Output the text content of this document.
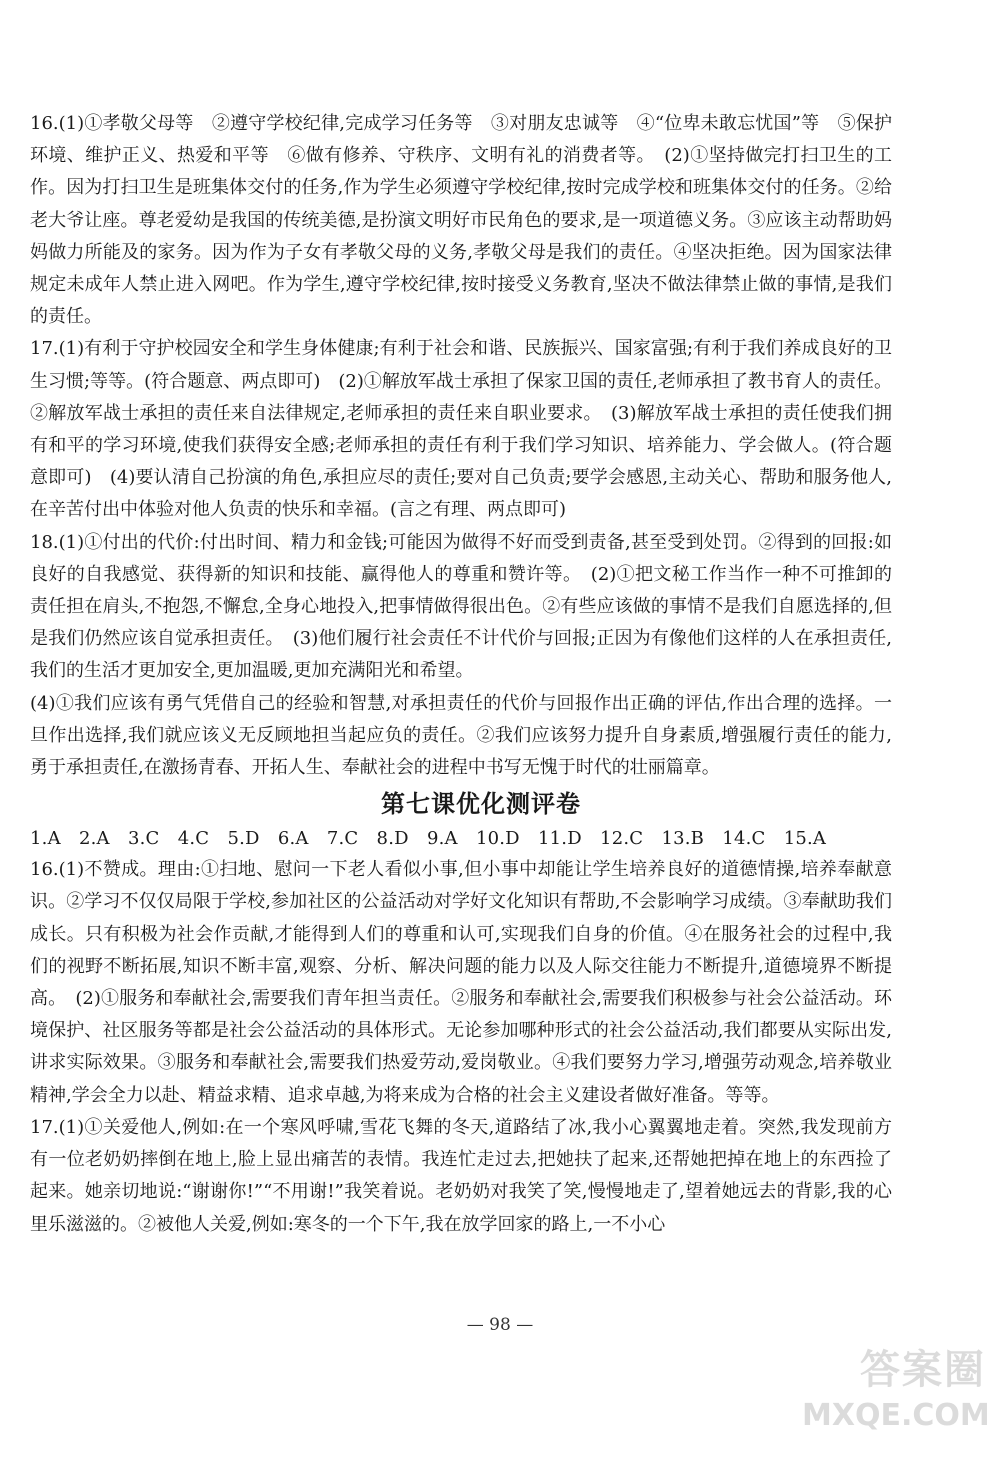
16.(1)①孝敬父母等　②遵守学校纪律,完成学习任务等　③对朋友忠诚等　④“位卑未敢忘忧国”等　⑤保护环境、维护正义、热爱和平等　⑥做有修养、守秩序、文明有礼的消费者等。　(2)①坚持做完打扫卫生的工作。因为打扫卫生是班集体交付的任务,作为学生必须遵守学校纪律,按时完成学校和班集体交付的任务。②给老大爷让座。尊老爱幼是我国的传统美德,是扮演文明好市民角色的要求,是一项道德义务。③应该主动帮助妈妈做力所能及的家务。因为作为子女有孝敬父母的义务,孝敬父母是我们的责任。④坚决拒绝。因为国家法律规定未成年人禁止进入网吧。作为学生,遵守学校纪律,按时接受义务教育,坚决不做法律禁止做的事情,是我们的责任。
17.(1)有利于守护校园安全和学生身体健康;有利于社会和谐、民族振兴、国家富强;有利于我们养成良好的卫生习惯;等等。(符合题意、两点即可)　(2)①解放军战士承担了保家卫国的责任,老师承担了教书育人的责任。②解放军战士承担的责任来自法律规定,老师承担的责任来自职业要求。　(3)解放军战士承担的责任使我们拥有和平的学习环境,使我们获得安全感;老师承担的责任有利于我们学习知识、培养能力、学会做人。(符合题意即可)　(4)要认清自己扮演的角色,承担应尽的责任;要对自己负责;要学会感恩,主动关心、帮助和服务他人,在辛苦付出中体验对他人负责的快乐和幸福。(言之有理、两点即可)
18.(1)①付出的代价:付出时间、精力和金钱;可能因为做得不好而受到责备,甚至受到处罚。②得到的回报:如良好的自我感觉、获得新的知识和技能、赢得他人的尊重和赞许等。　(2)①把文秘工作当作一种不可推卸的责任担在肩头,不抱怨,不懈怠,全身心地投入,把事情做得很出色。②有些应该做的事情不是我们自愿选择的,但是我们仍然应该自觉承担责任。　(3)他们履行社会责任不计代价与回报;正因为有像他们这样的人在承担责任,我们的生活才更加安全,更加温暖,更加充满阳光和希望。
(4)①我们应该有勇气凭借自己的经验和智慧,对承担责任的代价与回报作出正确的评估,作出合理的选择。一旦作出选择,我们就应该义无反顾地担当起应负的责任。②我们应该努力提升自身素质,增强履行责任的能力,勇于承担责任,在激扬青春、开拓人生、奉献社会的进程中书写无愧于时代的壮丽篇章。
第七课优化测评卷
1.A　2.A　3.C　4.C　5.D　6.A　7.C　8.D　9.A　10.D　11.D　12.C　13.B　14.C　15.A
16.(1)不赞成。理由:①扫地、慰问一下老人看似小事,但小事中却能让学生培养良好的道德情操,培养奉献意识。②学习不仅仅局限于学校,参加社区的公益活动对学好文化知识有帮助,不会影响学习成绩。③奉献助我们成长。只有积极为社会作贡献,才能得到人们的尊重和认可,实现我们自身的价值。④在服务社会的过程中,我们的视野不断拓展,知识不断丰富,观察、分析、解决问题的能力以及人际交往能力不断提升,道德境界不断提高。　(2)①服务和奉献社会,需要我们青年担当责任。②服务和奉献社会,需要我们积极参与社会公益活动。环境保护、社区服务等都是社会公益活动的具体形式。无论参加哪种形式的社会公益活动,我们都要从实际出发,讲求实际效果。③服务和奉献社会,需要我们热爱劳动,爱岗敬业。④我们要努力学习,增强劳动观念,培养敬业精神,学会全力以赴、精益求精、追求卓越,为将来成为合格的社会主义建设者做好准备。等等。
17.(1)①关爱他人,例如:在一个寒风呼啸,雪花飞舞的冬天,道路结了冰,我小心翼翼地走着。突然,我发现前方有一位老奶奶摔倒在地上,脸上显出痛苦的表情。我连忙走过去,把她扶了起来,还帮她把掉在地上的东西捡了起来。她亲切地说:“谢谢你!”“不用谢!”我笑着说。老奶奶对我笑了笑,慢慢地走了,望着她远去的背影,我的心里乐滋滋的。②被他人关爱,例如:寒冬的一个下午,我在放学回家的路上,一不小心
— 98 —
答案圈
MXQE.COM
